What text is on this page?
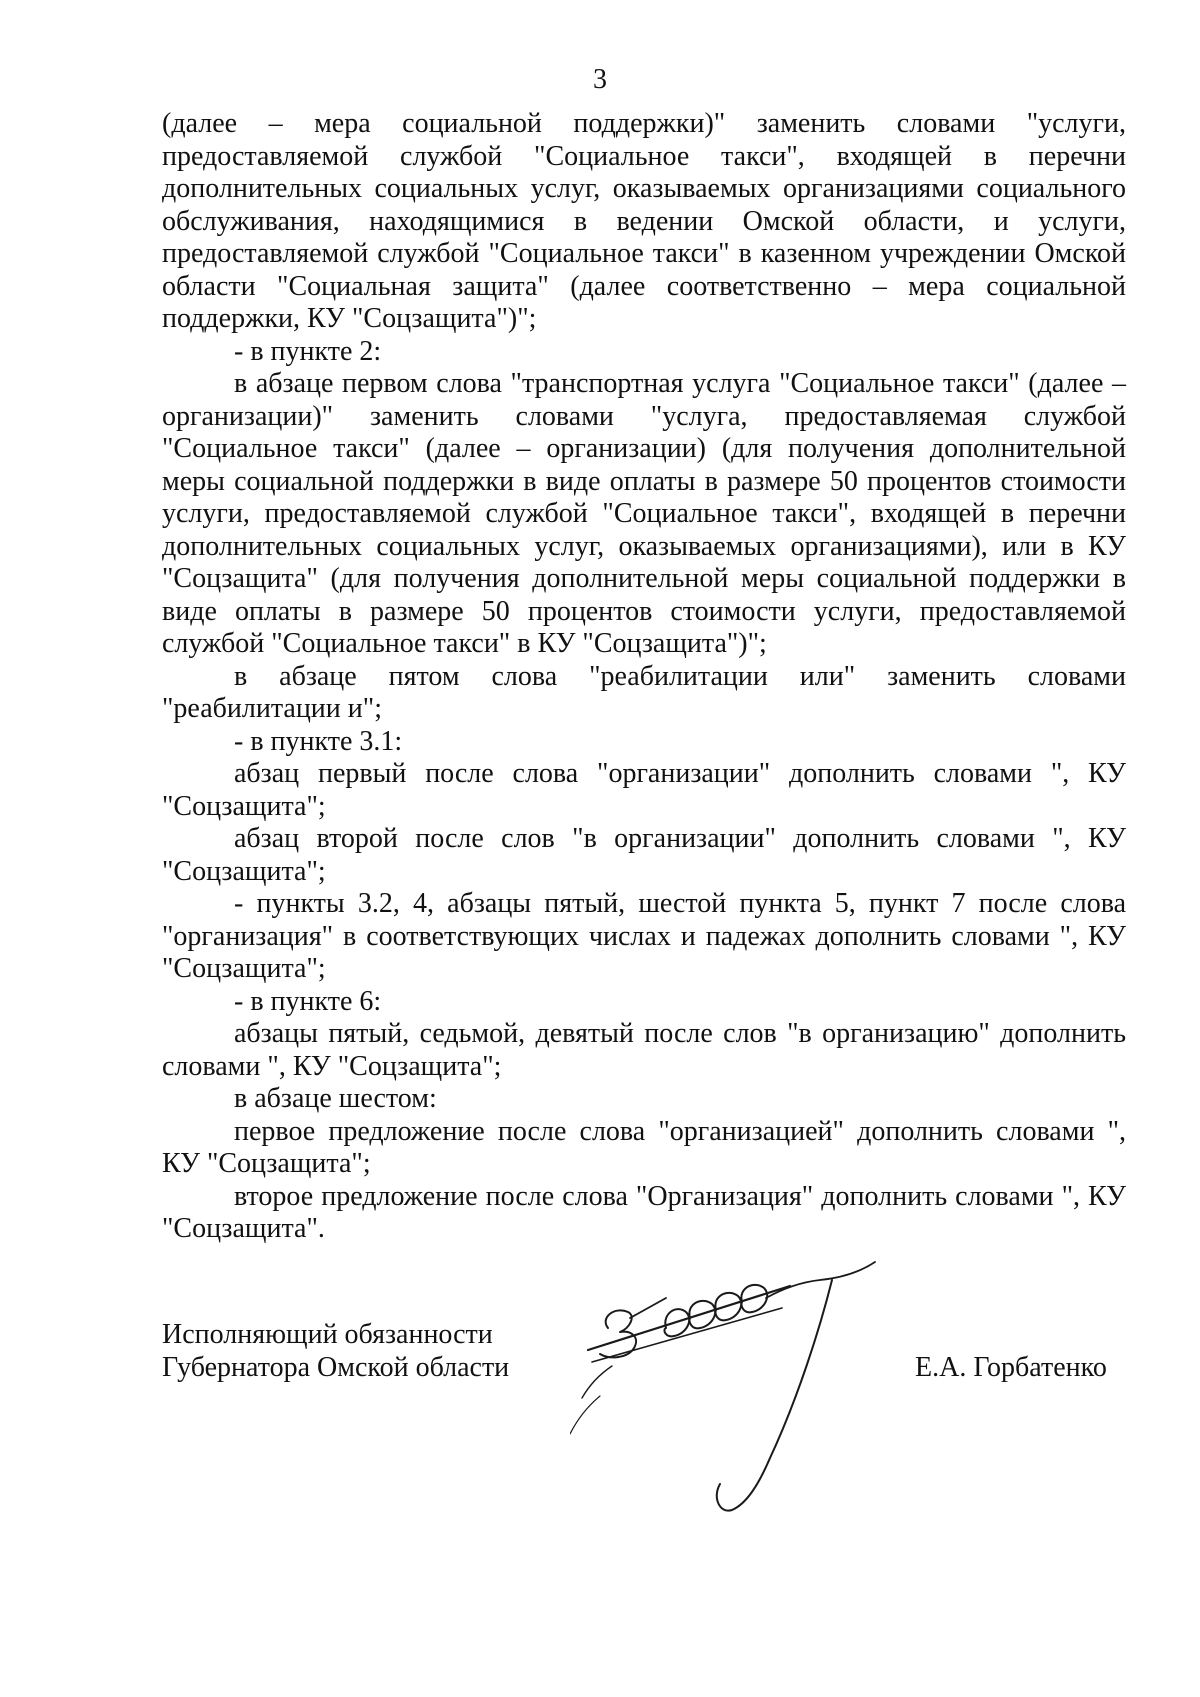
3

(далее – мера социальной поддержки)" заменить словами "услуги, предоставляемой службой "Социальное такси", входящей в перечни дополнительных социальных услуг, оказываемых организациями социального обслуживания, находящимися в ведении Омской области, и услуги, предоставляемой службой "Социальное такси" в казенном учреждении Омской области "Социальная защита" (далее соответственно – мера социальной поддержки, КУ "Соцзащита")";

- в пункте 2:

в абзаце первом слова "транспортная услуга "Социальное такси" (далее – организации)" заменить словами "услуга, предоставляемая службой "Социальное такси" (далее – организации) (для получения дополнительной меры социальной поддержки в виде оплаты в размере 50 процентов стоимости услуги, предоставляемой службой "Социальное такси", входящей в перечни дополнительных социальных услуг, оказываемых организациями), или в КУ "Соцзащита" (для получения дополнительной меры социальной поддержки в виде оплаты в размере 50 процентов стоимости услуги, предоставляемой службой "Социальное такси" в КУ "Соцзащита")";

в абзаце пятом слова "реабилитации или" заменить словами "реабилитации и";

- в пункте 3.1:

абзац первый после слова "организации" дополнить словами ", КУ "Соцзащита";

абзац второй после слов "в организации" дополнить словами ", КУ "Соцзащита";

- пункты 3.2, 4, абзацы пятый, шестой пункта 5, пункт 7 после слова "организация" в соответствующих числах и падежах дополнить словами ", КУ "Соцзащита";

- в пункте 6:

абзацы пятый, седьмой, девятый после слов "в организацию" дополнить словами ", КУ "Соцзащита";

в абзаце шестом:

первое предложение после слова "организацией" дополнить словами ", КУ "Соцзащита";

второе предложение после слова "Организация" дополнить словами ", КУ "Соцзащита".

Исполняющий обязанности
Губернатора Омской области	Е.А. Горбатенко
